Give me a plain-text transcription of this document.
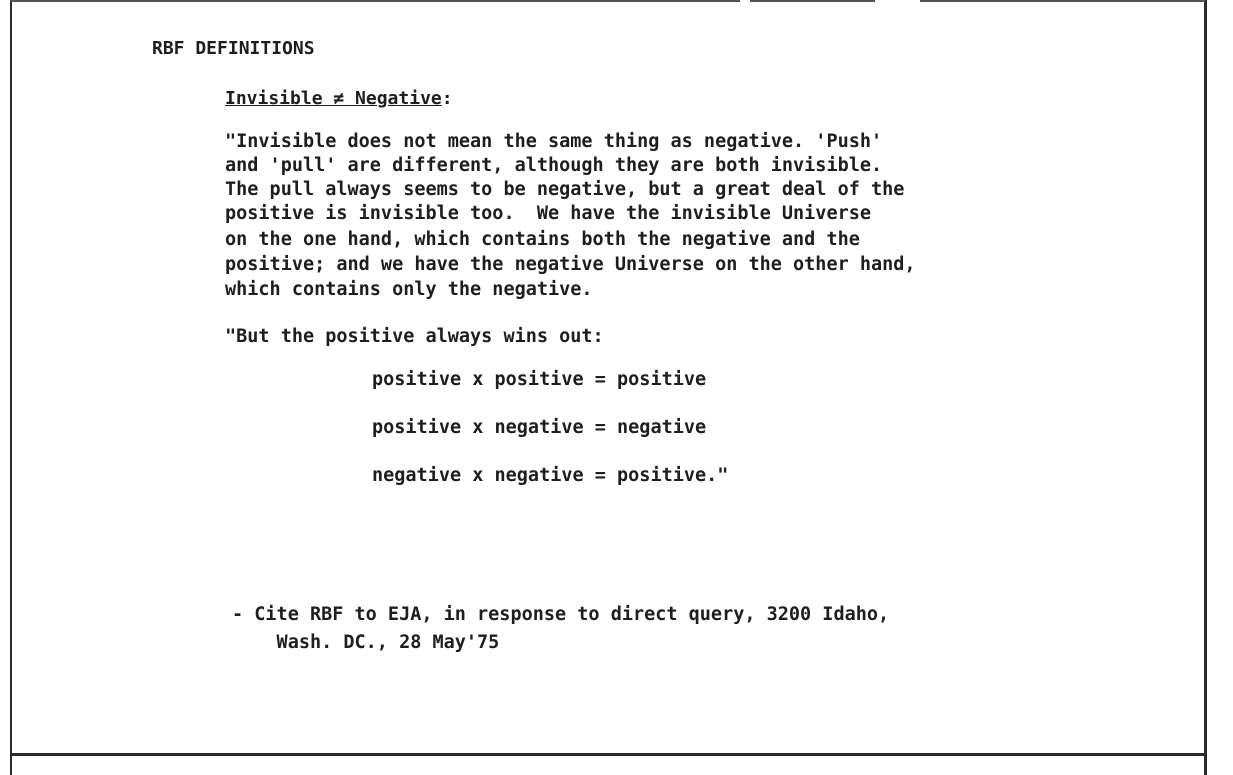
RBF DEFINITIONS
Invisible ≠ Negative:
"Invisible does not mean the same thing as negative. 'Push'
and 'pull' are different, although they are both invisible.
The pull always seems to be negative, but a great deal of the
positive is invisible too.  We have the invisible Universe
on the one hand, which contains both the negative and the
positive; and we have the negative Universe on the other hand,
which contains only the negative.
"But the positive always wins out:
positive x positive = positive
positive x negative = negative
negative x negative = positive."
- Cite RBF to EJA, in response to direct query, 3200 Idaho,
Wash. DC., 28 May'75
